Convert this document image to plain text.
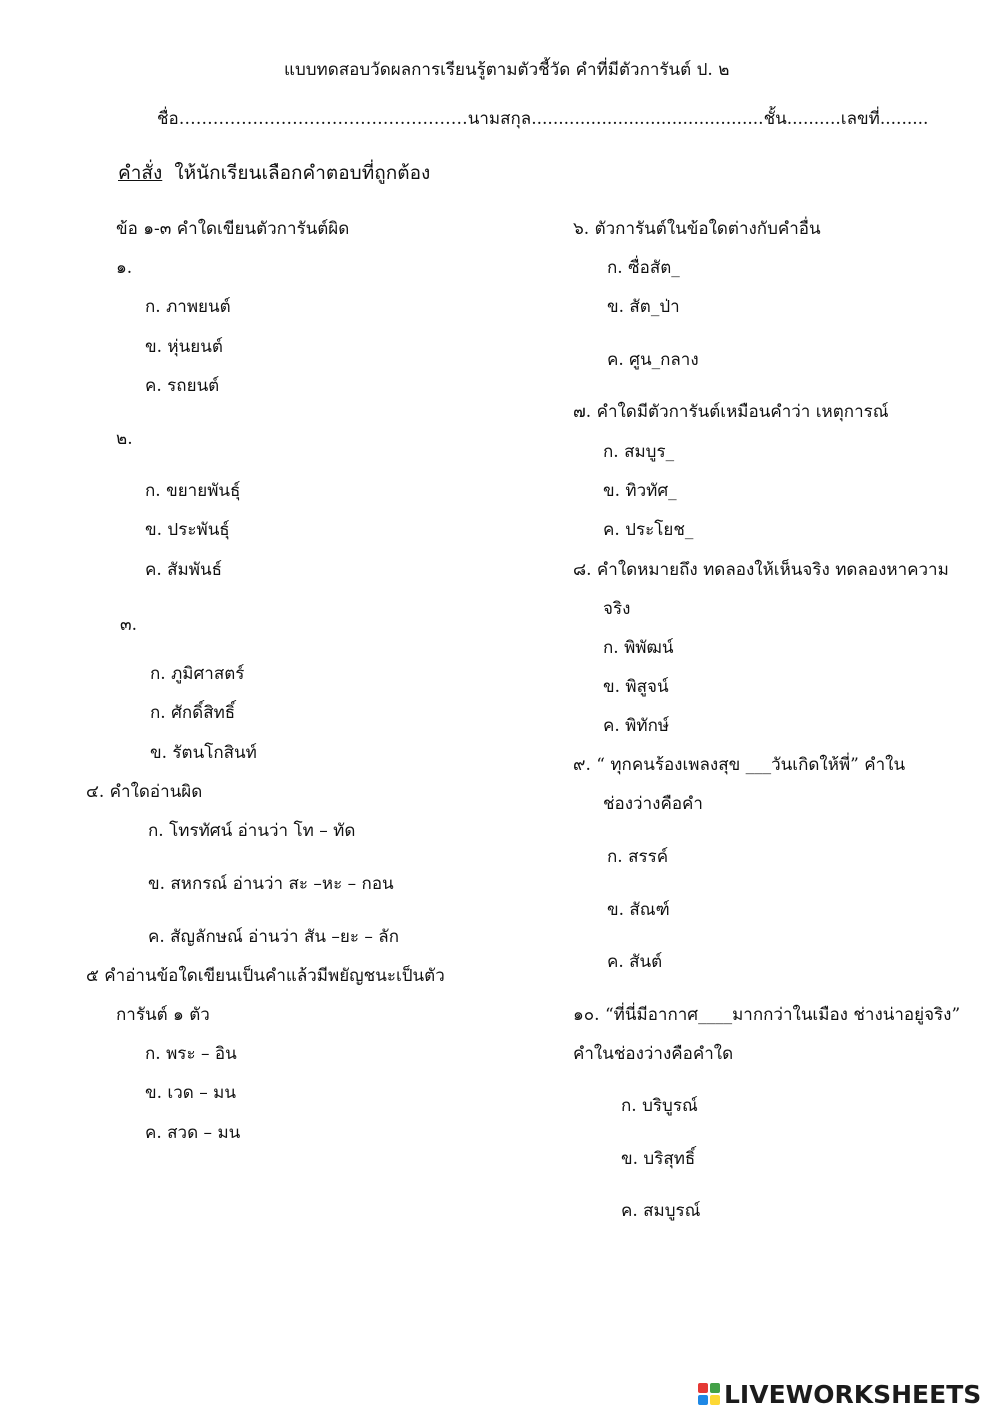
แบบทดสอบวัดผลการเรียนรู้ตามตัวชี้วัด คำที่มีตัวการันต์ ป. ๒
ชื่อ……………………………………………นามสกุล...........................................ชั้น..........เลขที่.........
คำสั่ง ให้นักเรียนเลือกคำตอบที่ถูกต้อง
ข้อ ๑-๓ คำใดเขียนตัวการันต์ผิด
๑.
ก. ภาพยนต์
ข. หุ่นยนต์
ค. รถยนต์
๒.
ก. ขยายพันธุ์
ข. ประพันธุ์
ค. สัมพันธ์
๓.
ก. ภูมิศาสตร์
ก. ศักดิ์สิทธิ์
ข. รัตนโกสินท์
๔. คำใดอ่านผิด
ก. โทรทัศน์ อ่านว่า โท – ทัด
ข. สหกรณ์ อ่านว่า สะ –หะ – กอน
ค. สัญลักษณ์ อ่านว่า สัน –ยะ – ลัก
๕ คำอ่านข้อใดเขียนเป็นคำแล้วมีพยัญชนะเป็นตัว
การันต์ ๑ ตัว
ก. พระ – อิน
ข. เวด – มน
ค. สวด – มน
๖. ตัวการันต์ในข้อใดต่างกับคำอื่น
ก. ซื่อสัต_
ข. สัต_ป่า
ค. ศูน_กลาง
๗. คำใดมีตัวการันต์เหมือนคำว่า เหตุการณ์
ก. สมบูร_
ข. ทิวทัศ_
ค. ประโยช_
๘. คำใดหมายถึง ทดลองให้เห็นจริง ทดลองหาความ
จริง
ก. พิพัฒน์
ข. พิสูจน์
ค. พิทักษ์
๙. “ ทุกคนร้องเพลงสุข ___วันเกิดให้พี่” คำใน
ช่องว่างคือคำ
ก. สรรค์
ข. สัณฑ์
ค. สันต์
๑๐. “ที่นี่มีอากาศ____มากกว่าในเมือง ช่างน่าอยู่จริง”
คำในช่องว่างคือคำใด
ก. บริบูรณ์
ข. บริสุทธิ์
ค. สมบูรณ์
LIVEWORKSHEETS
